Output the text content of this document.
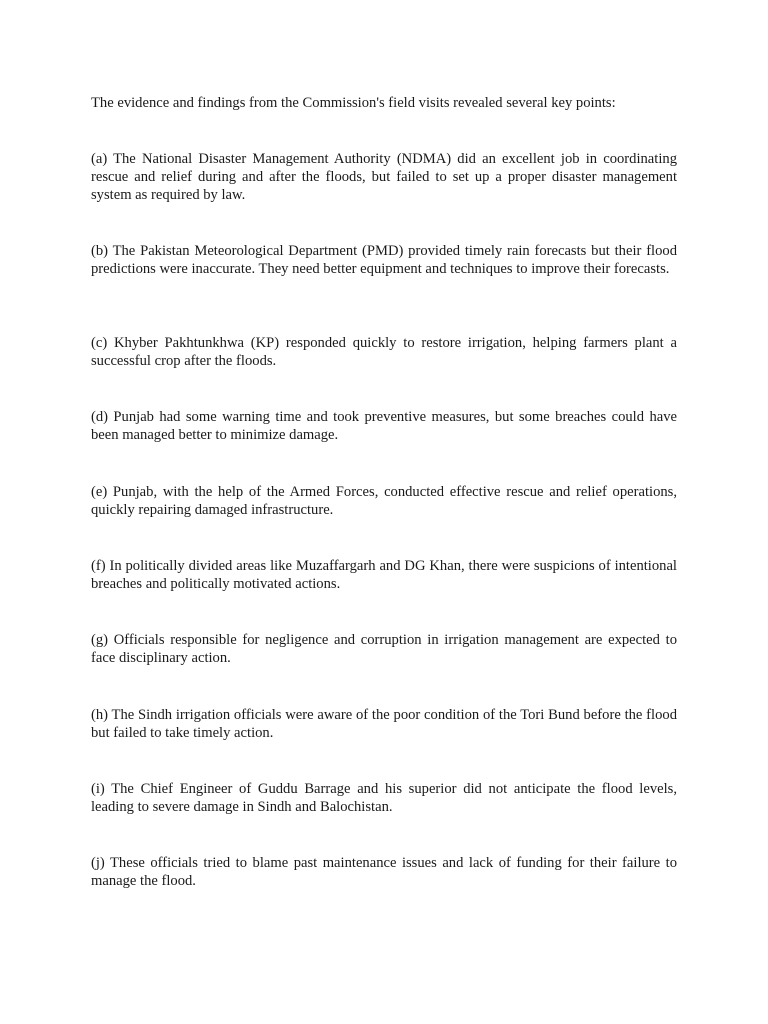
The evidence and findings from the Commission's field visits revealed several key points:

(a) The National Disaster Management Authority (NDMA) did an excellent job in coordinating rescue and relief during and after the floods, but failed to set up a proper disaster management system as required by law.

(b) The Pakistan Meteorological Department (PMD) provided timely rain forecasts but their flood predictions were inaccurate. They need better equipment and techniques to improve their forecasts.

(c) Khyber Pakhtunkhwa (KP) responded quickly to restore irrigation, helping farmers plant a successful crop after the floods.

(d) Punjab had some warning time and took preventive measures, but some breaches could have been managed better to minimize damage.

(e) Punjab, with the help of the Armed Forces, conducted effective rescue and relief operations, quickly repairing damaged infrastructure.

(f) In politically divided areas like Muzaffargarh and DG Khan, there were suspicions of intentional breaches and politically motivated actions.

(g) Officials responsible for negligence and corruption in irrigation management are expected to face disciplinary action.

(h) The Sindh irrigation officials were aware of the poor condition of the Tori Bund before the flood but failed to take timely action.

(i) The Chief Engineer of Guddu Barrage and his superior did not anticipate the flood levels, leading to severe damage in Sindh and Balochistan.

(j) These officials tried to blame past maintenance issues and lack of funding for their failure to manage the flood.
